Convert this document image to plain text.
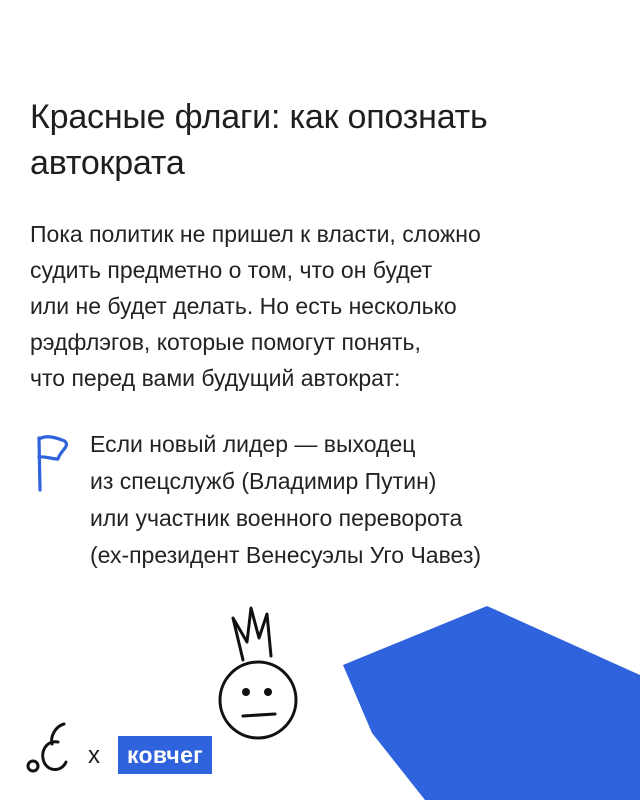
Красные флаги: как опознать
автократа
Пока политик не пришел к власти, сложно
судить предметно о том, что он будет
или не будет делать. Но есть несколько
рэдфлэгов, которые помогут понять,
что перед вами будущий автократ:
Если новый лидер — выходец
из спецслужб (Владимир Путин)
или участник военного переворота
(ех-президент Венесуэлы Уго Чавез)
x	ковчег
